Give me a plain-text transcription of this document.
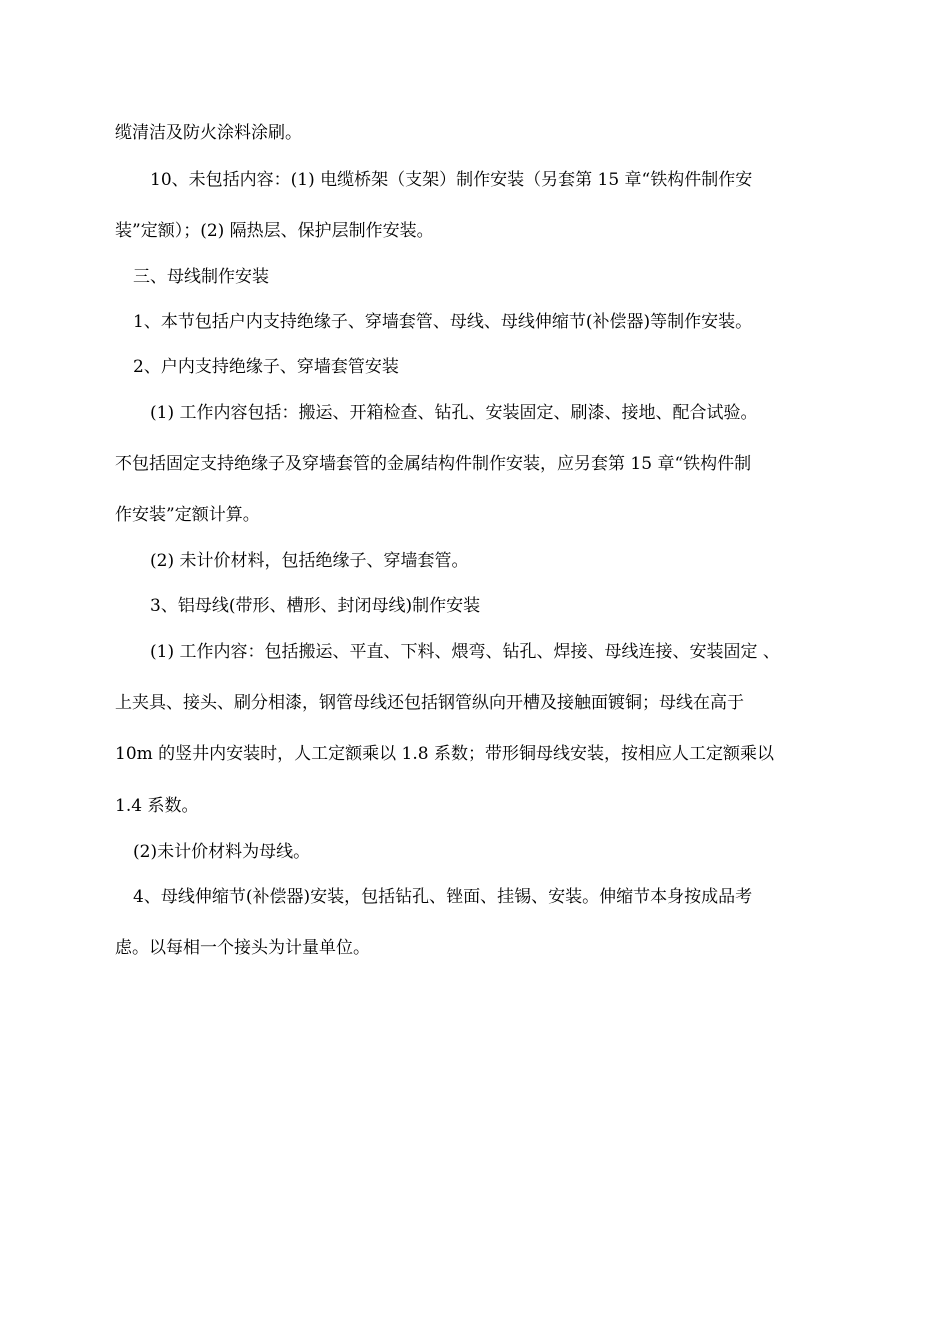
缆清洁及防火涂料涂刷。
10、未包括内容：(1) 电缆桥架（支架）制作安装（另套第 15 章“铁构件制作安
装”定额）；(2) 隔热层、保护层制作安装。
三、母线制作安装
1、本节包括户内支持绝缘子、穿墙套管、母线、母线伸缩节(补偿器)等制作安装。
2、户内支持绝缘子、穿墙套管安装
(1) 工作内容包括：搬运、开箱检查、钻孔、安装固定、刷漆、接地、配合试验。
不包括固定支持绝缘子及穿墙套管的金属结构件制作安装，应另套第 15 章“铁构件制
作安装”定额计算。
(2) 未计价材料，包括绝缘子、穿墙套管。
3、铝母线(带形、槽形、封闭母线)制作安装
(1) 工作内容：包括搬运、平直、下料、煨弯、钻孔、焊接、母线连接、安装固定 、
上夹具、接头、刷分相漆，钢管母线还包括钢管纵向开槽及接触面镀铜；母线在高于
10m 的竖井内安装时，人工定额乘以 1.8 系数；带形铜母线安装，按相应人工定额乘以
1.4 系数。
(2)未计价材料为母线。
4、母线伸缩节(补偿器)安装，包括钻孔、锉面、挂锡、安装。伸缩节本身按成品考
虑。以每相一个接头为计量单位。
